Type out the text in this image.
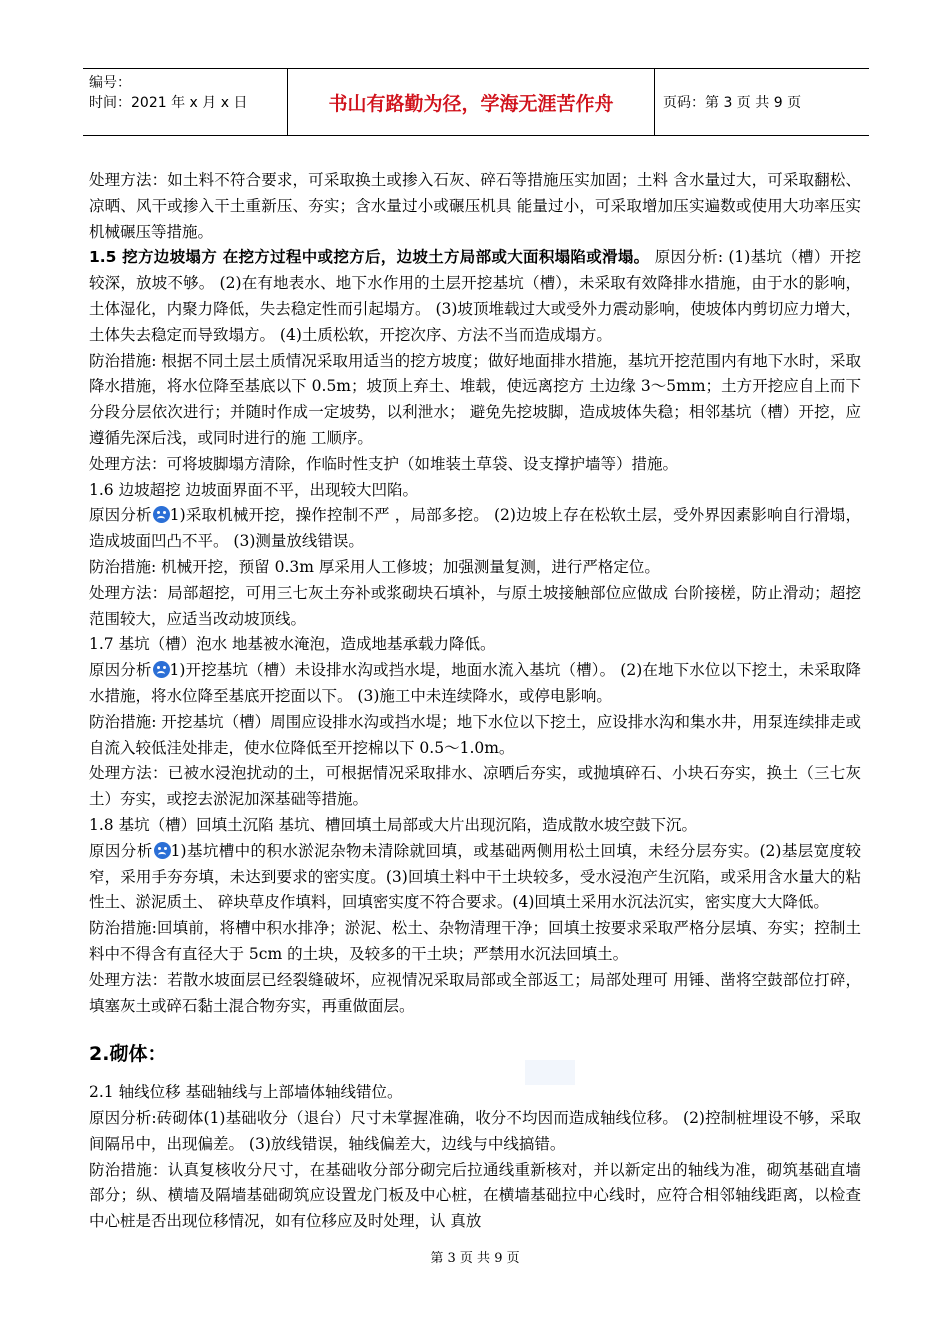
编号：
时间：2021 年 x 月 x 日	书山有路勤为径，学海无涯苦作舟	页码：第 3 页 共 9 页

处理方法：如土料不符合要求，可采取换土或掺入石灰、碎石等措施压实加固；土料 含水量过大，可采取翻松、凉晒、风干或掺入干土重新压、夯实；含水量过小或碾压机具 能量过小，可采取增加压实遍数或使用大功率压实机械碾压等措施。

1.5 挖方边坡塌方 在挖方过程中或挖方后，边坡土方局部或大面积塌陷或滑塌。 原因分析: (1)基坑（槽）开挖较深，放坡不够。 (2)在有地表水、地下水作用的土层开挖基坑（槽），未采取有效降排水措施，由于水的影响，土体湿化，内聚力降低，失去稳定性而引起塌方。 (3)坡顶堆载过大或受外力震动影响，使坡体内剪切应力增大，土体失去稳定而导致塌方。 (4)土质松软，开挖次序、方法不当而造成塌方。

防治措施: 根据不同土层土质情况采取用适当的挖方坡度；做好地面排水措施，基坑开挖范围内有地下水时，采取降水措施，将水位降至基底以下 0.5m；坡顶上弃土、堆载，使远离挖方 土边缘 3～5mm；土方开挖应自上而下分段分层依次进行；并随时作成一定坡势，以利泄水； 避免先挖坡脚，造成坡体失稳；相邻基坑（槽）开挖，应遵循先深后浅，或同时进行的施 工顺序。

处理方法：可将坡脚塌方清除，作临时性支护（如堆装土草袋、设支撑护墙等）措施。

1.6 边坡超挖 边坡面界面不平，出现较大凹陷。

原因分析 1)采取机械开挖，操作控制不严 ，局部多挖。 (2)边坡上存在松软土层，受外界因素影响自行滑塌，造成坡面凹凸不平。 (3)测量放线错误。

防治措施: 机械开挖，预留 0.3m 厚采用人工修坡；加强测量复测，进行严格定位。

处理方法：局部超挖，可用三七灰土夯补或浆砌块石填补，与原土坡接触部位应做成 台阶接槎，防止滑动；超挖范围较大，应适当改动坡顶线。

1.7 基坑（槽）泡水 地基被水淹泡，造成地基承载力降低。

原因分析 1)开挖基坑（槽）未设排水沟或挡水堤，地面水流入基坑（槽）。 (2)在地下水位以下挖土，未采取降水措施，将水位降至基底开挖面以下。 (3)施工中未连续降水，或停电影响。

防治措施: 开挖基坑（槽）周围应设排水沟或挡水堤；地下水位以下挖土，应设排水沟和集水井，用泵连续排走或自流入较低洼处排走，使水位降低至开挖棉以下 0.5～1.0m。

处理方法：已被水浸泡扰动的土，可根据情况采取排水、凉晒后夯实，或抛填碎石、小块石夯实，换土（三七灰土）夯实，或挖去淤泥加深基础等措施。

1.8 基坑（槽）回填土沉陷 基坑、槽回填土局部或大片出现沉陷，造成散水坡空鼓下沉。

原因分析 1)基坑槽中的积水淤泥杂物未清除就回填，或基础两侧用松土回填，未经分层夯实。(2)基层宽度较窄，采用手夯夯填，未达到要求的密实度。(3)回填土料中干土块较多，受水浸泡产生沉陷，或采用含水量大的粘性土、淤泥质土、 碎块草皮作填料，回填密实度不符合要求。(4)回填土采用水沉法沉实，密实度大大降低。

防治措施:回填前，将槽中积水排净；淤泥、松土、杂物清理干净；回填土按要求采取严格分层填、夯实；控制土料中不得含有直径大于 5cm 的土块，及较多的干土块；严禁用水沉法回填土。

处理方法：若散水坡面层已经裂缝破坏，应视情况采取局部或全部返工；局部处理可 用锤、凿将空鼓部位打碎，填塞灰土或碎石黏土混合物夯实，再重做面层。

2.砌体：

2.1 轴线位移 基础轴线与上部墙体轴线错位。

原因分析:砖砌体(1)基础收分（退台）尺寸未掌握准确，收分不均因而造成轴线位移。 (2)控制桩埋设不够，采取间隔吊中，出现偏差。 (3)放线错误，轴线偏差大，边线与中线搞错。

防治措施：认真复核收分尺寸，在基础收分部分砌完后拉通线重新核对，并以新定出的轴线为准，砌筑基础直墙部分；纵、横墙及隔墙基础砌筑应设置龙门板及中心桩，在横墙基础拉中心线时，应符合相邻轴线距离，以检查中心桩是否出现位移情况，如有位移应及时处理，认 真放

第 3 页 共 9 页
